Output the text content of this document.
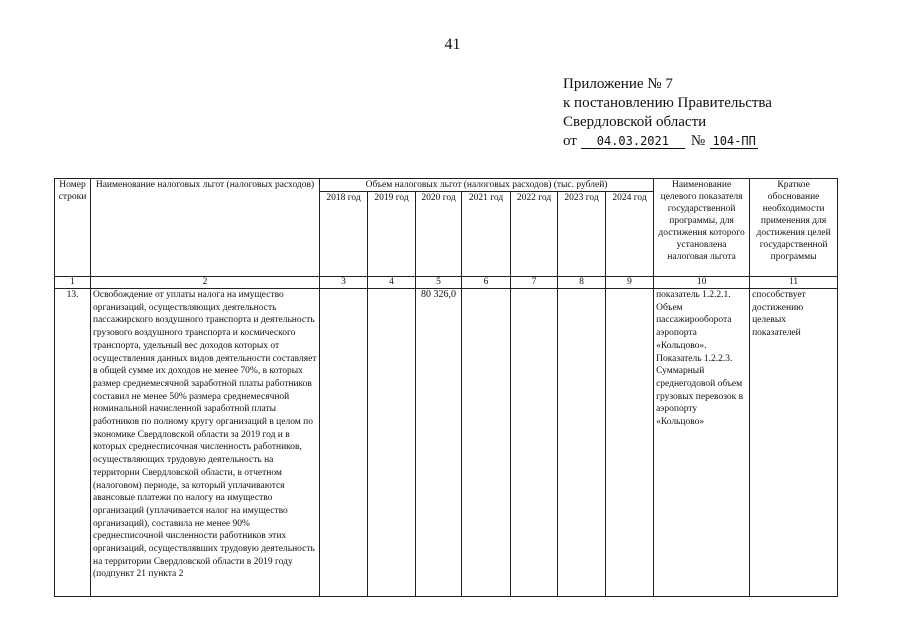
41
Приложение № 7
к постановлению Правительства
Свердловской области
от 04.03.2021 № 104-ПП
Номер строки	Наименование налоговых льгот (налоговых расходов)	Объем налоговых льгот (налоговых расходов) (тыс. рублей)							Наименование целевого показателя государственной программы, для достижения которого установлена налоговая льгота	Краткое обоснование необходимости применения для достижения целей государственной программы
		2018 год	2019 год	2020 год	2021 год	2022 год	2023 год	2024 год		
1	2	3	4	5	6	7	8	9	10	11
13.	Освобождение от уплаты налога на имущество организаций, осуществляющих деятельность пассажирского воздушного транспорта и деятельность грузового воздушного транспорта и космического транспорта, удельный вес доходов которых от осуществления данных видов деятельности составляет в общей сумме их доходов не менее 70%, в которых размер среднемесячной заработной платы работников составил не менее 50% размера среднемесячной номинальной начисленной заработной платы работников по полному кругу организаций в целом по экономике Свердловской области за 2019 год и в которых среднесписочная численность работников, осуществляющих трудовую деятельность на территории Свердловской области, в отчетном (налоговом) периоде, за который уплачиваются авансовые платежи по налогу на имущество организаций (уплачивается налог на имущество организаций), составила не менее 90% среднесписочной численности работников этих организаций, осуществлявших трудовую деятельность на территории Свердловской области в 2019 году (подпункт 21 пункта 2			80 326,0					показатель 1.2.2.1. Объем пассажирооборота аэропорта «Кольцово». Показатель 1.2.2.3. Суммарный среднегодовой объем грузовых перевозок в аэропорту «Кольцово»	способствует достижению целевых показателей
